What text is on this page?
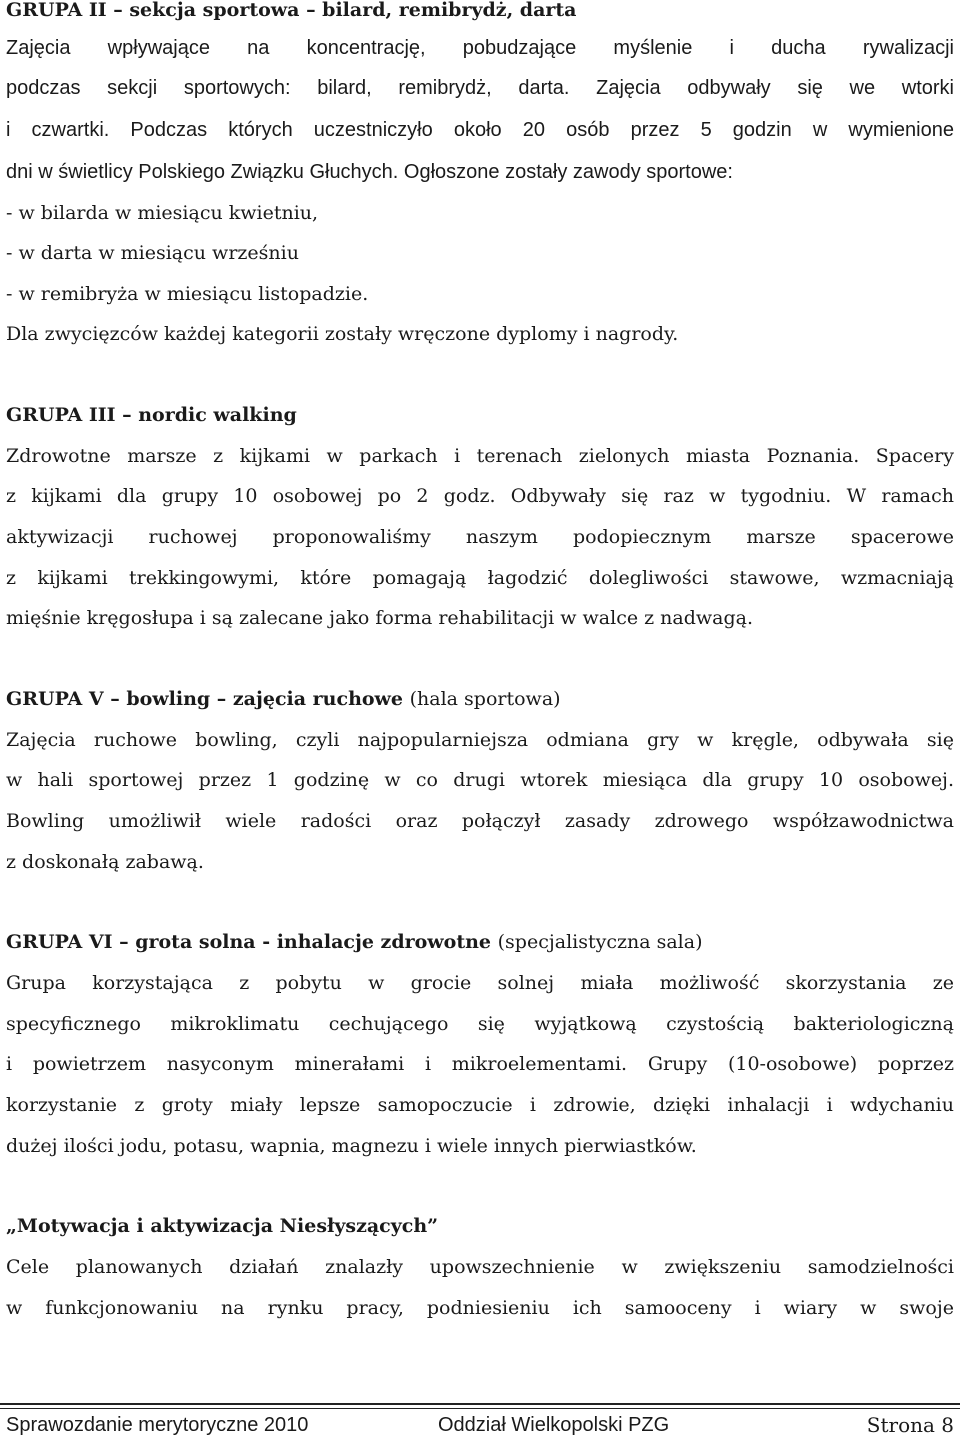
GRUPA II – sekcja sportowa – bilard, remibrydż, darta
Zajęcia wpływające na koncentrację, pobudzające myślenie i ducha rywalizacji
podczas sekcji sportowych: bilard, remibrydż, darta. Zajęcia odbywały się we wtorki
i czwartki. Podczas których uczestniczyło około 20 osób przez 5 godzin w wymienione
dni w świetlicy Polskiego Związku Głuchych. Ogłoszone zostały zawody sportowe:
- w bilarda w miesiącu kwietniu,
- w darta w miesiącu wrześniu
- w remibryża w miesiącu listopadzie.
Dla zwycięzców każdej kategorii zostały wręczone dyplomy i nagrody.
GRUPA III – nordic walking
Zdrowotne marsze z kijkami w parkach i terenach zielonych miasta Poznania. Spacery
z kijkami dla grupy 10 osobowej po 2 godz. Odbywały się raz w tygodniu. W ramach
aktywizacji ruchowej proponowaliśmy naszym podopiecznym marsze spacerowe
z kijkami trekkingowymi, które pomagają łagodzić dolegliwości stawowe, wzmacniają
mięśnie kręgosłupa i są zalecane jako forma rehabilitacji w walce z nadwagą.
GRUPA V – bowling – zajęcia ruchowe (hala sportowa)
Zajęcia ruchowe bowling, czyli najpopularniejsza odmiana gry w kręgle, odbywała się
w hali sportowej przez 1 godzinę w co drugi wtorek miesiąca dla grupy 10 osobowej.
Bowling umożliwił wiele radości oraz połączył zasady zdrowego współzawodnictwa
z doskonałą zabawą.
GRUPA VI – grota solna - inhalacje zdrowotne (specjalistyczna sala)
Grupa korzystająca z pobytu w grocie solnej miała możliwość skorzystania ze
specyficznego mikroklimatu cechującego się wyjątkową czystością bakteriologiczną
i powietrzem nasyconym minerałami i mikroelementami. Grupy (10-osobowe) poprzez
korzystanie z groty miały lepsze samopoczucie i zdrowie, dzięki inhalacji i wdychaniu
dużej ilości jodu, potasu, wapnia, magnezu i wiele innych pierwiastków.
„Motywacja i aktywizacja Niesłyszących”
Cele planowanych działań znalazły upowszechnienie w zwiększeniu samodzielności
w funkcjonowaniu na rynku pracy, podniesieniu ich samooceny i wiary w swoje
Sprawozdanie merytoryczne 2010	Oddział Wielkopolski PZG	Strona 8
